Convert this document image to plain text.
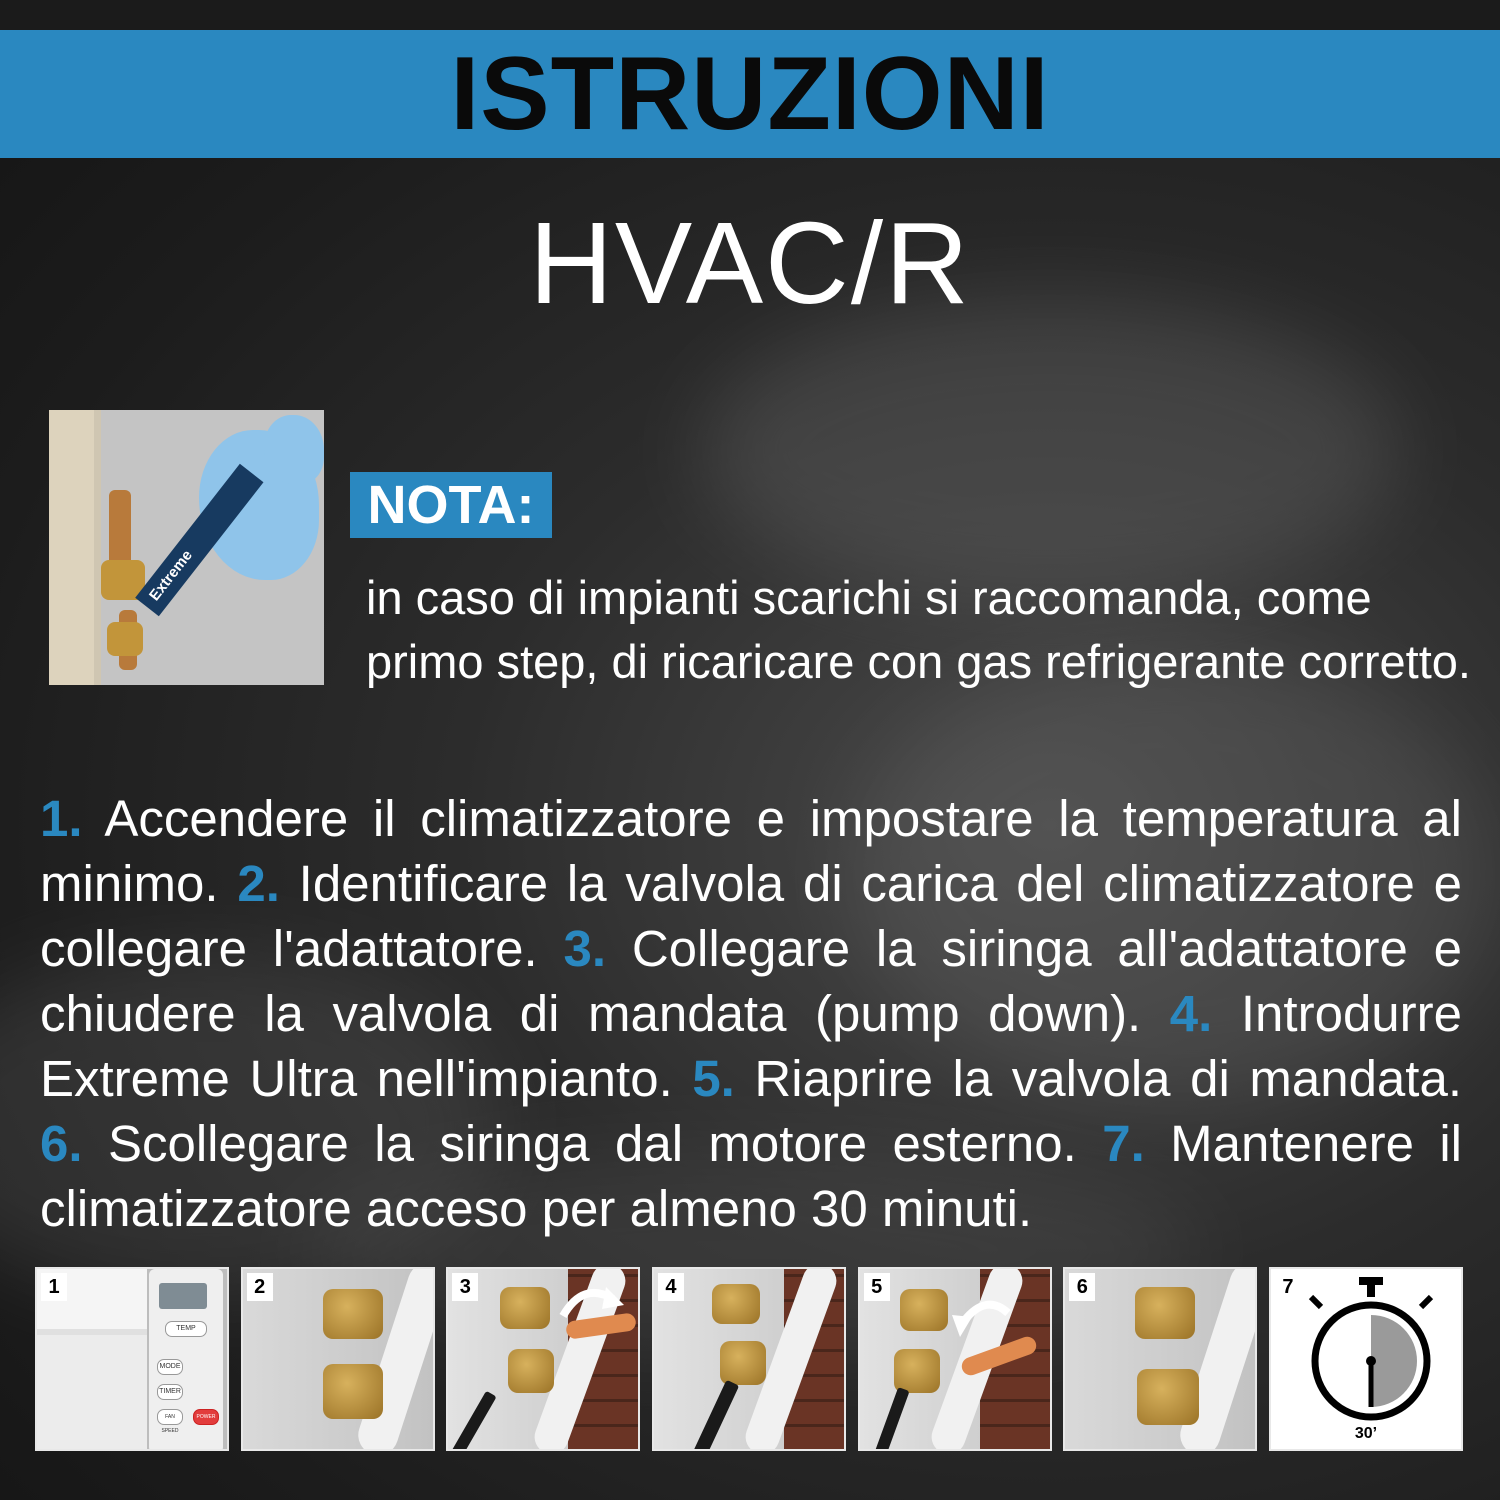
ISTRUZIONI
HVAC/R
Extreme
NOTA:
in caso di impianti scarichi si raccomanda, come primo step, di ricaricare con gas refrigerante corretto.
1. Accendere il climatizzatore e impostare la temperatura al minimo. 2. Identificare la valvola di carica del climatizzatore e collegare l'adattatore. 3. Collegare la siringa all'adattatore e chiudere la valvola di mandata (pump down). 4. Introdurre Extreme Ultra nell'impianto. 5. Riaprire la valvola di mandata. 6. Scollegare la siringa dal motore esterno. 7. Mantenere il climatizzatore acceso per almeno 30 minuti.
1
TEMP
MODE
TIMER
FAN SPEED
POWER
2	3	4	5	6	7
30’
